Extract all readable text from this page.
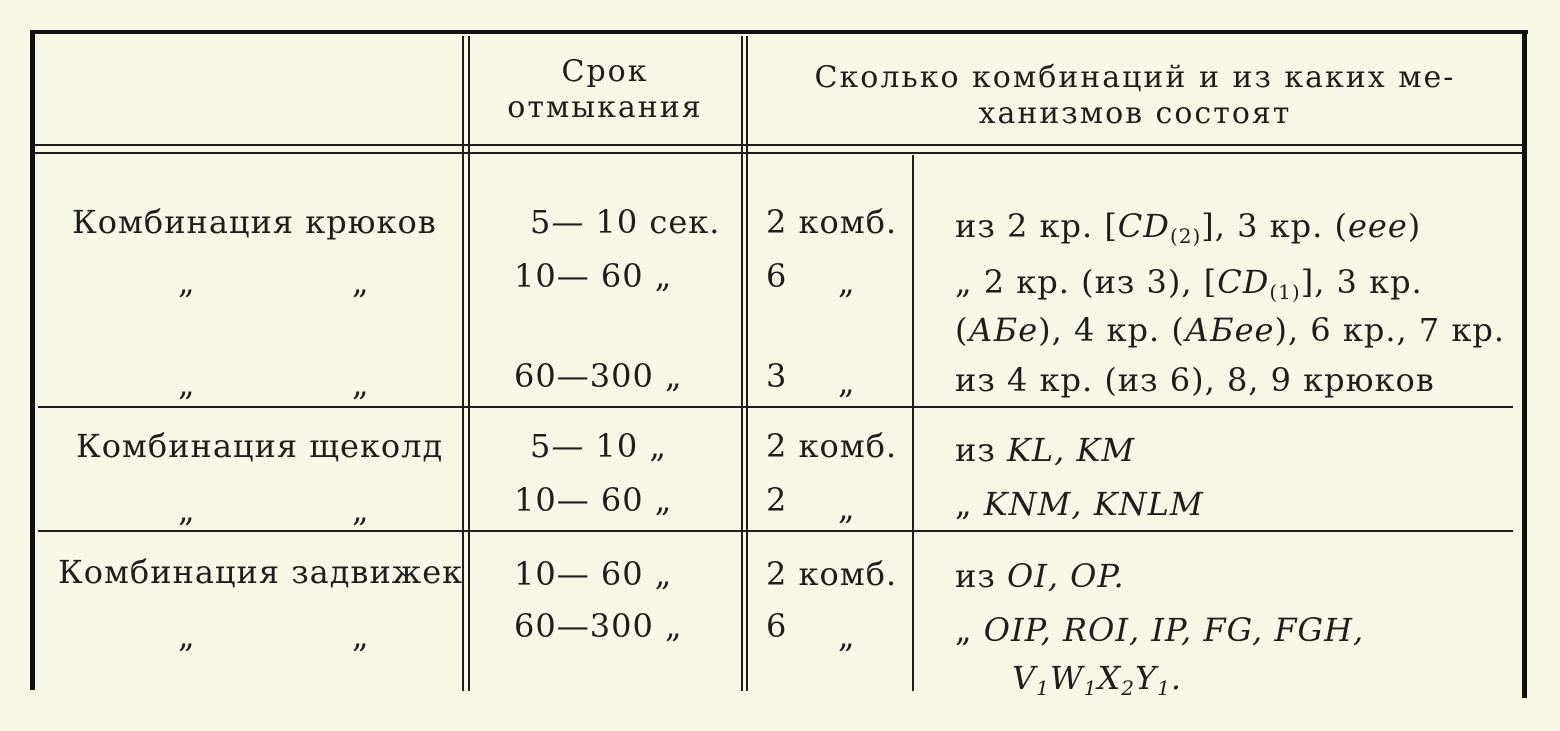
Срок
отмыкания
Сколько комбинаций и из каких ме-
ханизмов состоят
Комбинация крюков	5— 10 сек. 2 комб. из 2 кр. $[CD_{(2)}]$, 3 кр. (eee)
„	„	10— 60 „	6 „	„ 2 кр. (из 3), $[CD_{(1)}]$, 3 кр.
(АБе), 4 кр. (АБее), 6 кр., 7 кр.
„	„	60—300 „	3 „	из 4 кр. (из 6), 8, 9 крюков
Комбинация щеколд	5— 10 „	2 комб. из KL, KM
„	„	10— 60 „	2 „	„ KNM, KNLM
Комбинация задвижек 10— 60 „	2 комб. из OI, OP.
„	„	60—300 „	6 „	„ OIP, ROI, IP, FG, FGH,
$V_1W_1X_2Y_1$.
